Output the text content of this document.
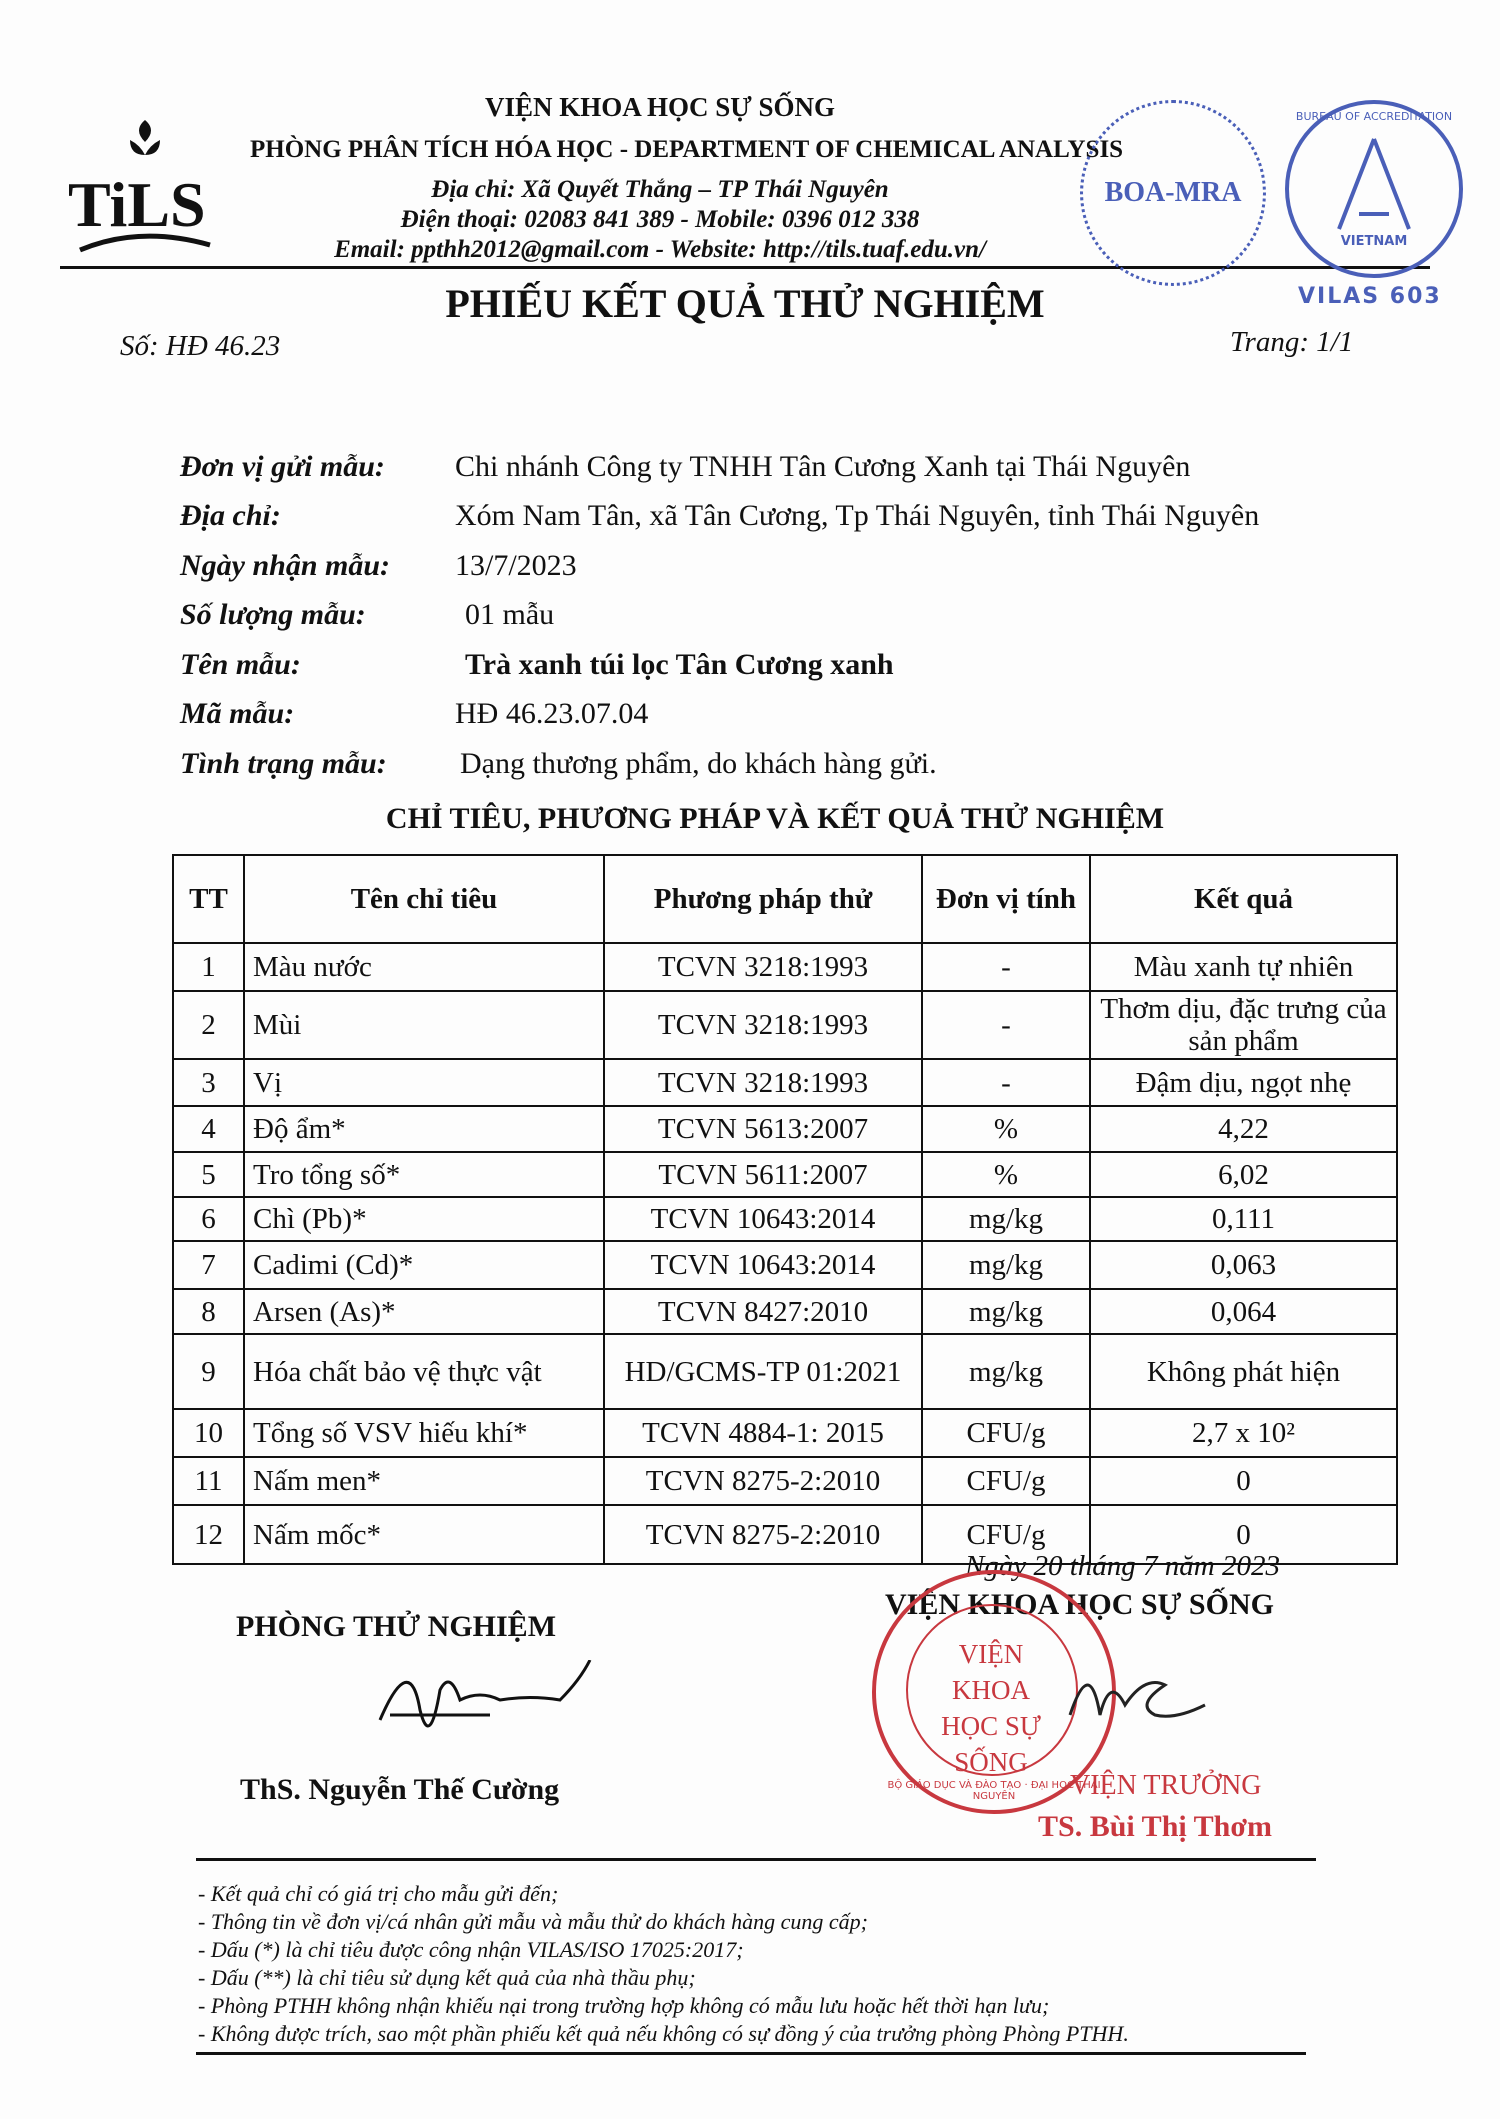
TiLS
VIỆN KHOA HỌC SỰ SỐNG
PHÒNG PHÂN TÍCH HÓA HỌC - DEPARTMENT OF CHEMICAL ANALYSIS
Địa chỉ: Xã Quyết Thắng – TP Thái Nguyên
Điện thoại: 02083 841 389 - Mobile: 0396 012 338
Email: ppthh2012@gmail.com - Website: http://tils.tuaf.edu.vn/
BOA-MRA
BUREAU OF ACCREDITATION
VIETNAM
VILAS 603
PHIẾU KẾT QUẢ THỬ NGHIỆM
Số: HĐ 46.23	Trang: 1/1
Đơn vị gửi mẫu: Chi nhánh Công ty TNHH Tân Cương Xanh tại Thái Nguyên
Địa chỉ:	Xóm Nam Tân, xã Tân Cương, Tp Thái Nguyên, tỉnh Thái Nguyên
Ngày nhận mẫu: 13/7/2023
Số lượng mẫu:	01 mẫu
Tên mẫu:	Trà xanh túi lọc Tân Cương xanh
Mã mẫu:	HĐ 46.23.07.04
Tình trạng mẫu: Dạng thương phẩm, do khách hàng gửi.
CHỈ TIÊU, PHƯƠNG PHÁP VÀ KẾT QUẢ THỬ NGHIỆM
TT	Tên chỉ tiêu	Phương pháp thử	Đơn vị tính	Kết quả
1	Màu nước	TCVN 3218:1993	-	Màu xanh tự nhiên
2	Mùi	TCVN 3218:1993	-	Thơm dịu, đặc trưng của sản phẩm
3	Vị	TCVN 3218:1993	-	Đậm dịu, ngọt nhẹ
4	Độ ẩm*	TCVN 5613:2007	%	4,22
5	Tro tổng số*	TCVN 5611:2007	%	6,02
6	Chì (Pb)*	TCVN 10643:2014	mg/kg	0,111
7	Cadimi (Cd)*	TCVN 10643:2014	mg/kg	0,063
8	Arsen (As)*	TCVN 8427:2010	mg/kg	0,064
9	Hóa chất bảo vệ thực vật	HD/GCMS-TP 01:2021	mg/kg	Không phát hiện
10	Tổng số VSV hiếu khí*	TCVN 4884-1: 2015	CFU/g	2,7 x 10²
11	Nấm men*	TCVN 8275-2:2010	CFU/g	0
12	Nấm mốc*	TCVN 8275-2:2010	CFU/g	0
Ngày 20 tháng 7 năm 2023
PHÒNG THỬ NGHIỆM
ThS. Nguyễn Thế Cường
VIỆN KHOA HỌC SỰ SỐNG
VIỆN KHOA HỌC SỰ SỐNG
BỘ GIÁO DỤC VÀ ĐÀO TẠO · ĐẠI HỌC THÁI NGUYÊN	VIỆN TRƯỞNG
TS. Bùi Thị Thơm
- Kết quả chỉ có giá trị cho mẫu gửi đến;
- Thông tin về đơn vị/cá nhân gửi mẫu và mẫu thử do khách hàng cung cấp;
- Dấu (*) là chỉ tiêu được công nhận VILAS/ISO 17025:2017;
- Dấu (**) là chỉ tiêu sử dụng kết quả của nhà thầu phụ;
- Phòng PTHH không nhận khiếu nại trong trường hợp không có mẫu lưu hoặc hết thời hạn lưu;
- Không được trích, sao một phần phiếu kết quả nếu không có sự đồng ý của trưởng phòng Phòng PTHH.
